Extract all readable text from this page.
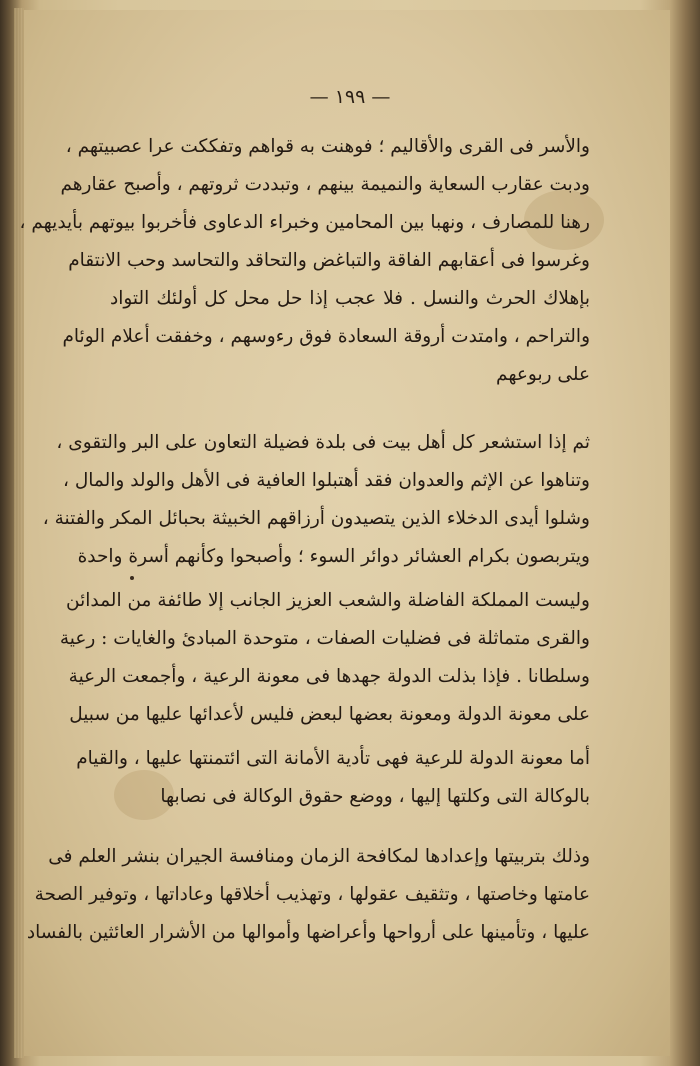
— ١٩٩ —
والأسر فى القرى والأقاليم ؛ فوهنت به قواهم وتفككت عرا عصبيتهم ،
ودبت عقارب السعاية والنميمة بينهم ، وتبددت ثروتهم ، وأصبح عقارهم
رهنا للمصارف ، ونهبا بين المحامين وخبراء الدعاوى فأخربوا بيوتهم بأيديهم ،
وغرسوا فى أعقابهم الفاقة والتباغض والتحاقد والتحاسد وحب الانتقام
بإهلاك الحرث والنسل . فلا عجب إذا حل محل كل أولئك التواد
والتراحم ، وامتدت أروقة السعادة فوق رءوسهم ، وخفقت أعلام الوئام
على ربوعهم
ثم إذا استشعر كل أهل بيت فى بلدة فضيلة التعاون على البر والتقوى ،
وتناهوا عن الإثم والعدوان فقد أهتبلوا العافية فى الأهل والولد والمال ،
وشلوا أيدى الدخلاء الذين يتصيدون أرزاقهم الخبيثة بحبائل المكر والفتنة ،
ويتربصون بكرام العشائر دوائر السوء ؛ وأصبحوا وكأنهم أسرة واحدة
وليست المملكة الفاضلة والشعب العزيز الجانب إلا طائفة من المدائن
والقرى متماثلة فى فضليات الصفات ، متوحدة المبادئ والغايات : رعية
وسلطانا . فإذا بذلت الدولة جهدها فى معونة الرعية ، وأجمعت الرعية
على معونة الدولة ومعونة بعضها لبعض فليس لأعدائها عليها من سبيل
أما معونة الدولة للرعية فهى تأدية الأمانة التى ائتمنتها عليها ، والقيام
بالوكالة التى وكلتها إليها ، ووضع حقوق الوكالة فى نصابها
وذلك بتربيتها وإعدادها لمكافحة الزمان ومنافسة الجيران بنشر العلم فى
عامتها وخاصتها ، وتثقيف عقولها ، وتهذيب أخلاقها وعاداتها ، وتوفير الصحة
عليها ، وتأمينها على أرواحها وأعراضها وأموالها من الأشرار العائثين بالفساد
